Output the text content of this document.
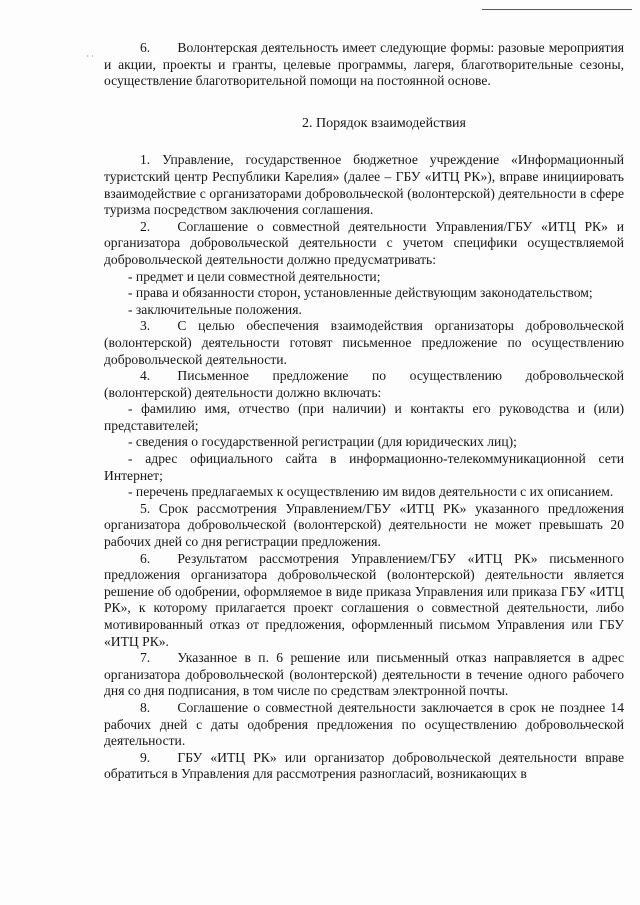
· ·

6.  Волонтерская деятельность имеет следующие формы: разовые мероприятия и акции, проекты и гранты, целевые программы, лагеря, благотворительные сезоны, осуществление благотворительной помощи на постоянной основе.

2. Порядок взаимодействия

1. Управление, государственное бюджетное учреждение «Информационный туристский центр Республики Карелия» (далее – ГБУ «ИТЦ РК»), вправе инициировать взаимодействие с организаторами добровольческой (волонтерской) деятельности в сфере туризма посредством заключения соглашения.

2.  Соглашение о совместной деятельности Управления/ГБУ «ИТЦ РК» и организатора добровольческой деятельности с учетом специфики осуществляемой добровольческой деятельности должно предусматривать:

- предмет и цели совместной деятельности;

- права и обязанности сторон, установленные действующим законодательством;

- заключительные положения.

3.  С целью обеспечения взаимодействия организаторы добровольческой (волонтерской) деятельности готовят письменное предложение по осуществлению добровольческой деятельности.

4.  Письменное предложение по осуществлению добровольческой (волонтерской) деятельности должно включать:

- фамилию имя, отчество (при наличии) и контакты его руководства и (или) представителей;

- сведения о государственной регистрации (для юридических лиц);

- адрес официального сайта в информационно-телекоммуникационной сети Интернет;

- перечень предлагаемых к осуществлению им видов деятельности с их описанием.

5. Срок рассмотрения Управлением/ГБУ «ИТЦ РК» указанного предложения организатора добровольческой (волонтерской) деятельности не может превышать 20 рабочих дней со дня регистрации предложения.

6.  Результатом рассмотрения Управлением/ГБУ «ИТЦ РК» письменного предложения организатора добровольческой (волонтерской) деятельности является решение об одобрении, оформляемое в виде приказа Управления или приказа ГБУ «ИТЦ РК», к которому прилагается проект соглашения о совместной деятельности, либо мотивированный отказ от предложения, оформленный письмом Управления или ГБУ «ИТЦ РК».

7.  Указанное в п. 6 решение или письменный отказ направляется в адрес организатора добровольческой (волонтерской) деятельности в течение одного рабочего дня со дня подписания, в том числе по средствам электронной почты.

8.  Соглашение о совместной деятельности заключается в срок не позднее 14 рабочих дней с даты одобрения предложения по осуществлению добровольческой деятельности.

9.  ГБУ «ИТЦ РК» или организатор добровольческой деятельности вправе обратиться в Управления для рассмотрения разногласий, возникающих в
